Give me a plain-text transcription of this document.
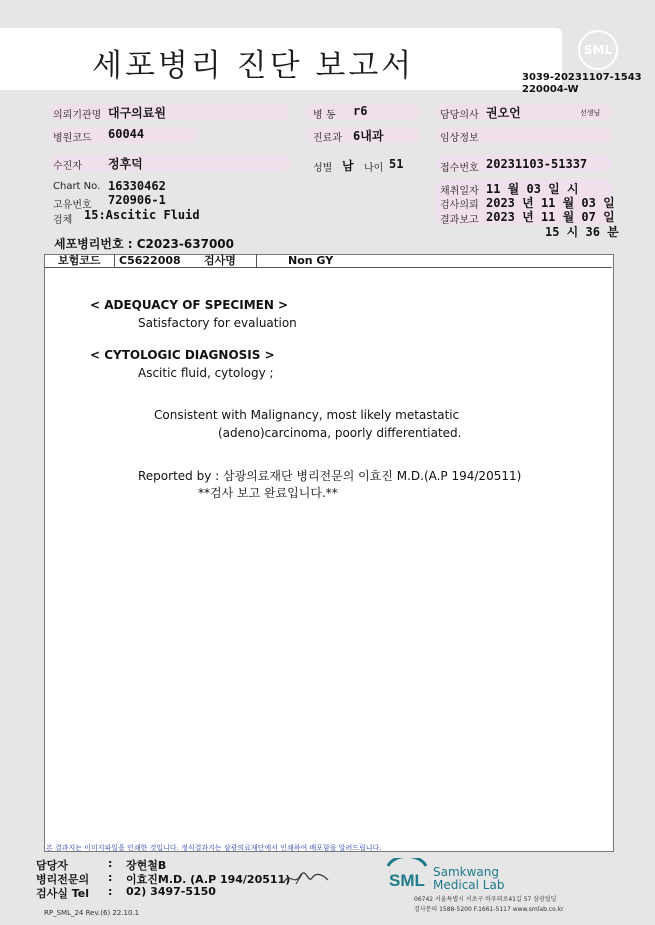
세포병리 진단 보고서	SML
3039-20231107-1543
220004-W
의뢰기관명 대구의료원
병원코드 60044
수진자 정후덕
Chart No. 16330462
고유번호 720906-1
검체 15:Ascitic Fluid
병 동 r6
진료과 6내과
성별 남 나이 51
담당의사 권오언	선생님
임상정보
접수번호 20231103-51337
채취일자 11 월 03 일 시
검사의뢰 2023 년 11 월 03 일
결과보고 2023 년 11 월 07 일
15 시 36 분
세포병리번호 : C2023-637000
보험코드 C5622008 검사명	Non GY
< ADEQUACY OF SPECIMEN >
Satisfactory for evaluation
< CYTOLOGIC DIAGNOSIS >
Ascitic fluid, cytology ;
Consistent with Malignancy, most likely metastatic
(adeno)carcinoma, poorly differentiated.
Reported by : 삼광의료재단 병리전문의 이효진 M.D.(A.P 194/20511)
**검사 보고 완료입니다.**
본 결과지는 이미지파일을 인쇄한 것입니다. 정식결과지는 삼광의료재단에서 인쇄하여 배포함을 알려드립니다.
담당자	: 장현철B
병리전문의 : 이효진M.D. (A.P 194/20511)
검사실 Tel : 02) 3497-5150
SML Samkwang
Medical Lab
06742 서울특별시 서초구 바우뫼로41길 57 삼광빌딩
검사문의 1588-5200 F.1661-5117 www.smlab.co.kr
RP_SML_24 Rev.(6) 22.10.1
